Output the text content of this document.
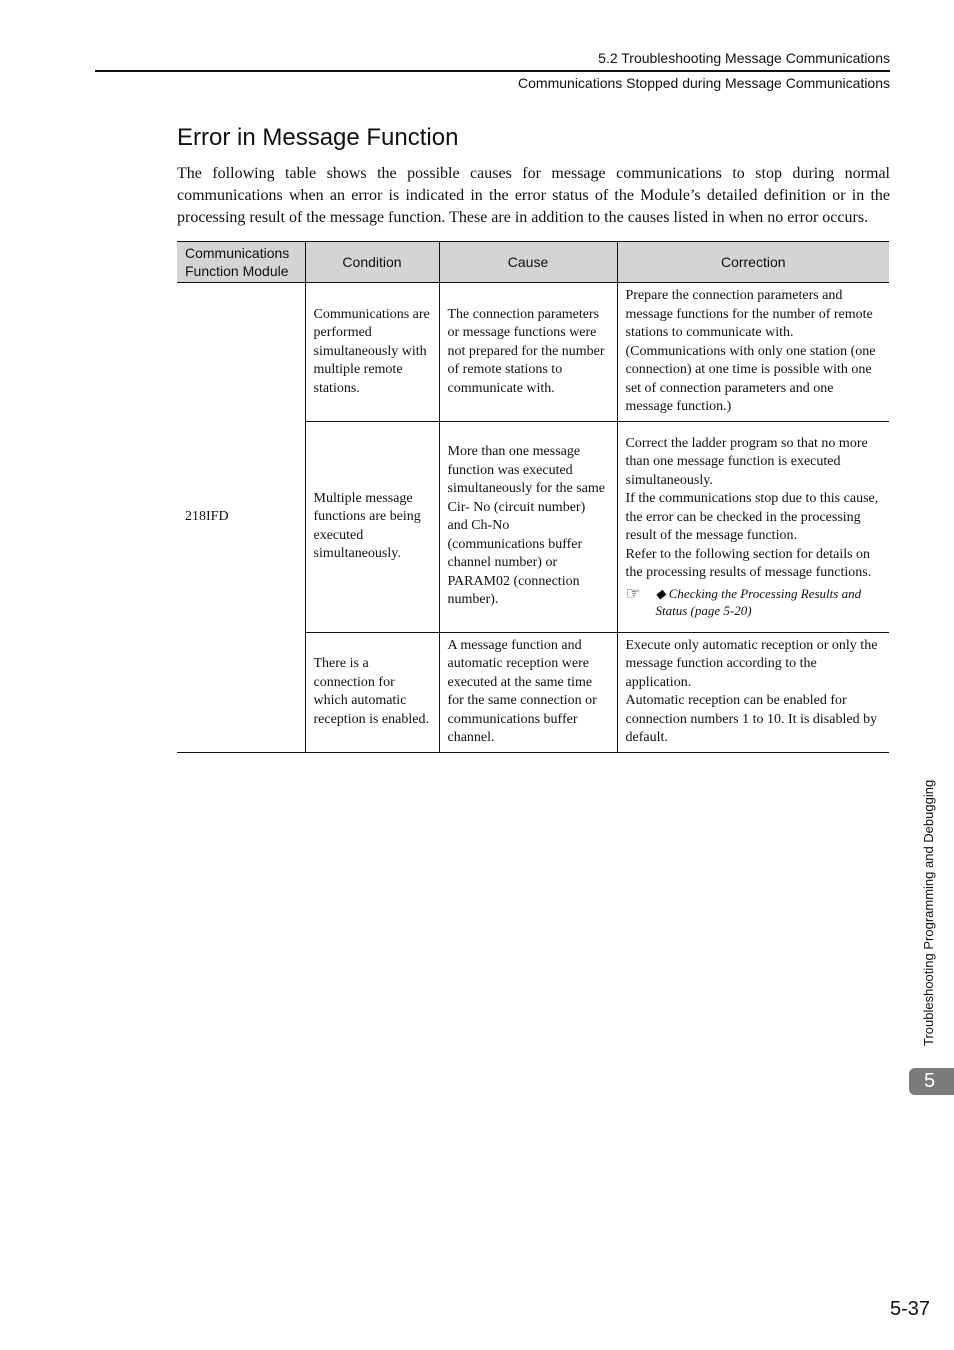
5.2 Troubleshooting Message Communications
Communications Stopped during Message Communications
Error in Message Function

The following table shows the possible causes for message communications to stop during normal communications when an error is indicated in the error status of the Module’s detailed definition or in the processing result of the message function. These are in addition to the causes listed in when no error occurs.

Communications Function Module	Condition	Cause	Correction
218IFD	Communications are performed simultaneously with multiple remote stations.	The connection parameters or message functions were not prepared for the number of remote stations to communicate with.	Prepare the connection parameters and message functions for the number of remote stations to communicate with.
(Communications with only one station (one connection) at one time is possible with one set of connection parameters and one message function.)

	Multiple message functions are being executed simultaneously.	More than one message function was executed simultaneously for the same Cir- No (circuit number) and Ch-No (communications buffer channel number) or PARAM02 (connection number).	Correct the ladder program so that no more than one message function is executed simultaneously.
If the communications stop due to this cause, the error can be checked in the processing result of the message function.
Refer to the following section for details on the processing results of message functions.
☞ ◆ Checking the Processing Results and Status (page 5-20)

	There is a connection for which automatic reception is enabled.	A message function and automatic reception were executed at the same time for the same connection or communications buffer channel.	Execute only automatic reception or only the message function according to the application.
Automatic reception can be enabled for connection numbers 1 to 10. It is disabled by default.
Troubleshooting Programming and Debugging
5
5-37
